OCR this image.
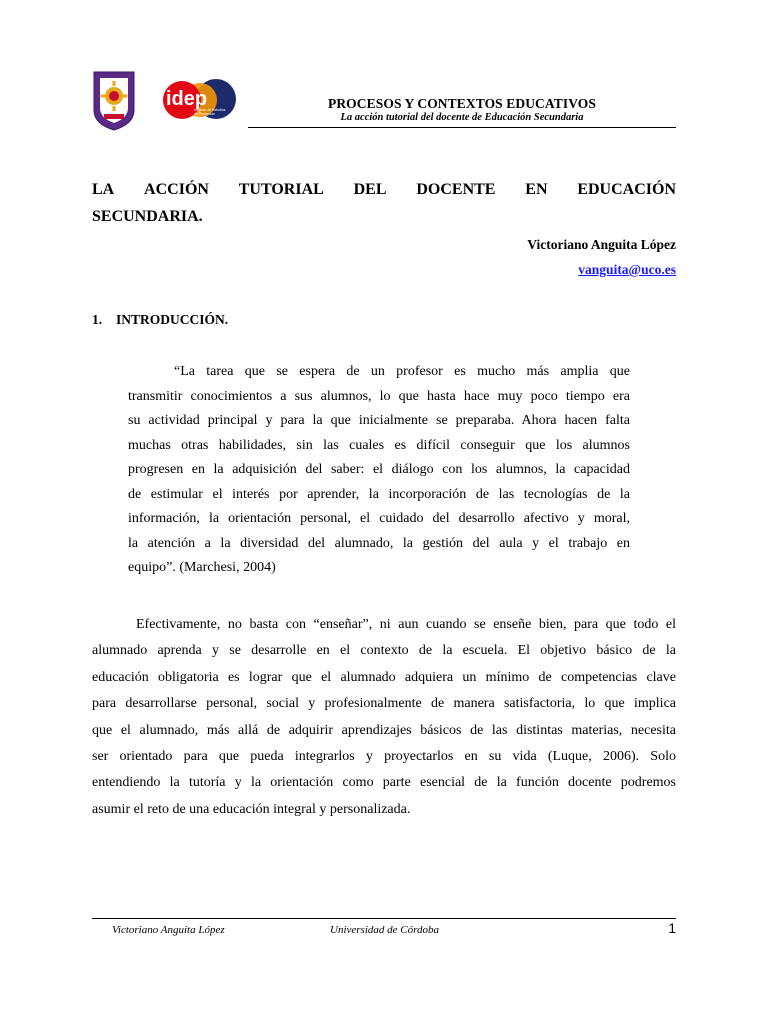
idep
Instituto de Estudios
de Postgrado
PROCESOS Y CONTEXTOS EDUCATIVOS
La acción tutorial del docente de Educación Secundaria
LA ACCIÓN TUTORIAL DEL DOCENTE EN EDUCACIÓN
SECUNDARIA.
Victoriano Anguita López
vanguita@uco.es
1. INTRODUCCIÓN.
“La tarea que se espera de un profesor es mucho más amplia que
transmitir conocimientos a sus alumnos, lo que hasta hace muy poco tiempo era
su actividad principal y para la que inicialmente se preparaba. Ahora hacen falta
muchas otras habilidades, sin las cuales es difícil conseguir que los alumnos
progresen en la adquisición del saber: el diálogo con los alumnos, la capacidad
de estimular el interés por aprender, la incorporación de las tecnologías de la
información, la orientación personal, el cuidado del desarrollo afectivo y moral,
la atención a la diversidad del alumnado, la gestión del aula y el trabajo en
equipo”. (Marchesi, 2004)
Efectivamente, no basta con “enseñar”, ni aun cuando se enseñe bien, para que todo el
alumnado aprenda y se desarrolle en el contexto de la escuela. El objetivo básico de la
educación obligatoria es lograr que el alumnado adquiera un mínimo de competencias clave
para desarrollarse personal, social y profesionalmente de manera satisfactoria, lo que implica
que el alumnado, más allá de adquirir aprendizajes básicos de las distintas materias, necesita
ser orientado para que pueda integrarlos y proyectarlos en su vida (Luque, 2006). Solo
entendiendo la tutoría y la orientación como parte esencial de la función docente podremos
asumir el reto de una educación integral y personalizada.
Victoriano Anguita López	Universidad de Córdoba	1
